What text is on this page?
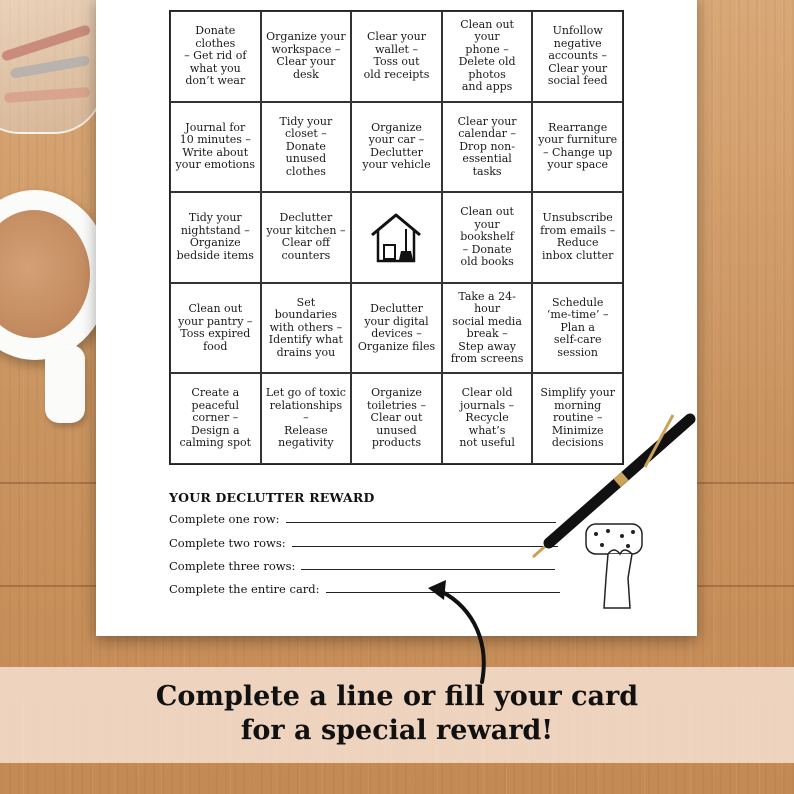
Donate clothes
– Get rid of
what you
don’t wear
Organize your
workspace –
Clear your
desk
Clear your
wallet –
Toss out
old receipts
Clean out your
phone –
Delete old
photos
and apps
Unfollow
negative
accounts –
Clear your
social feed
Journal for
10 minutes –
Write about
your emotions
Tidy your
closet –
Donate
unused
clothes
Organize
your car –
Declutter
your vehicle
Clear your
calendar –
Drop non-
essential tasks
Rearrange
your furniture
– Change up
your space
Tidy your
nightstand –
Organize
bedside items
Declutter
your kitchen –
Clear off
counters
Clean out
your bookshelf
– Donate
old books
Unsubscribe
from emails –
Reduce
inbox clutter
Clean out
your pantry –
Toss expired
food
Set boundaries
with others –
Identify what
drains you
Declutter
your digital
devices –
Organize files
Take a 24-hour
social media
break –
Step away
from screens
Schedule
‘me-time’ –
Plan a
self-care
session
Create a
peaceful
corner –
Design a
calming spot
Let go of toxic
relationships –
Release
negativity
Organize
toiletries –
Clear out
unused
products
Clear old
journals –
Recycle what’s
not useful
Simplify your
morning
routine –
Minimize
decisions
YOUR DECLUTTER REWARD
Complete one row:
Complete two rows:
Complete three rows:
Complete the entire card:
Complete a line or fill your card
for a special reward!
